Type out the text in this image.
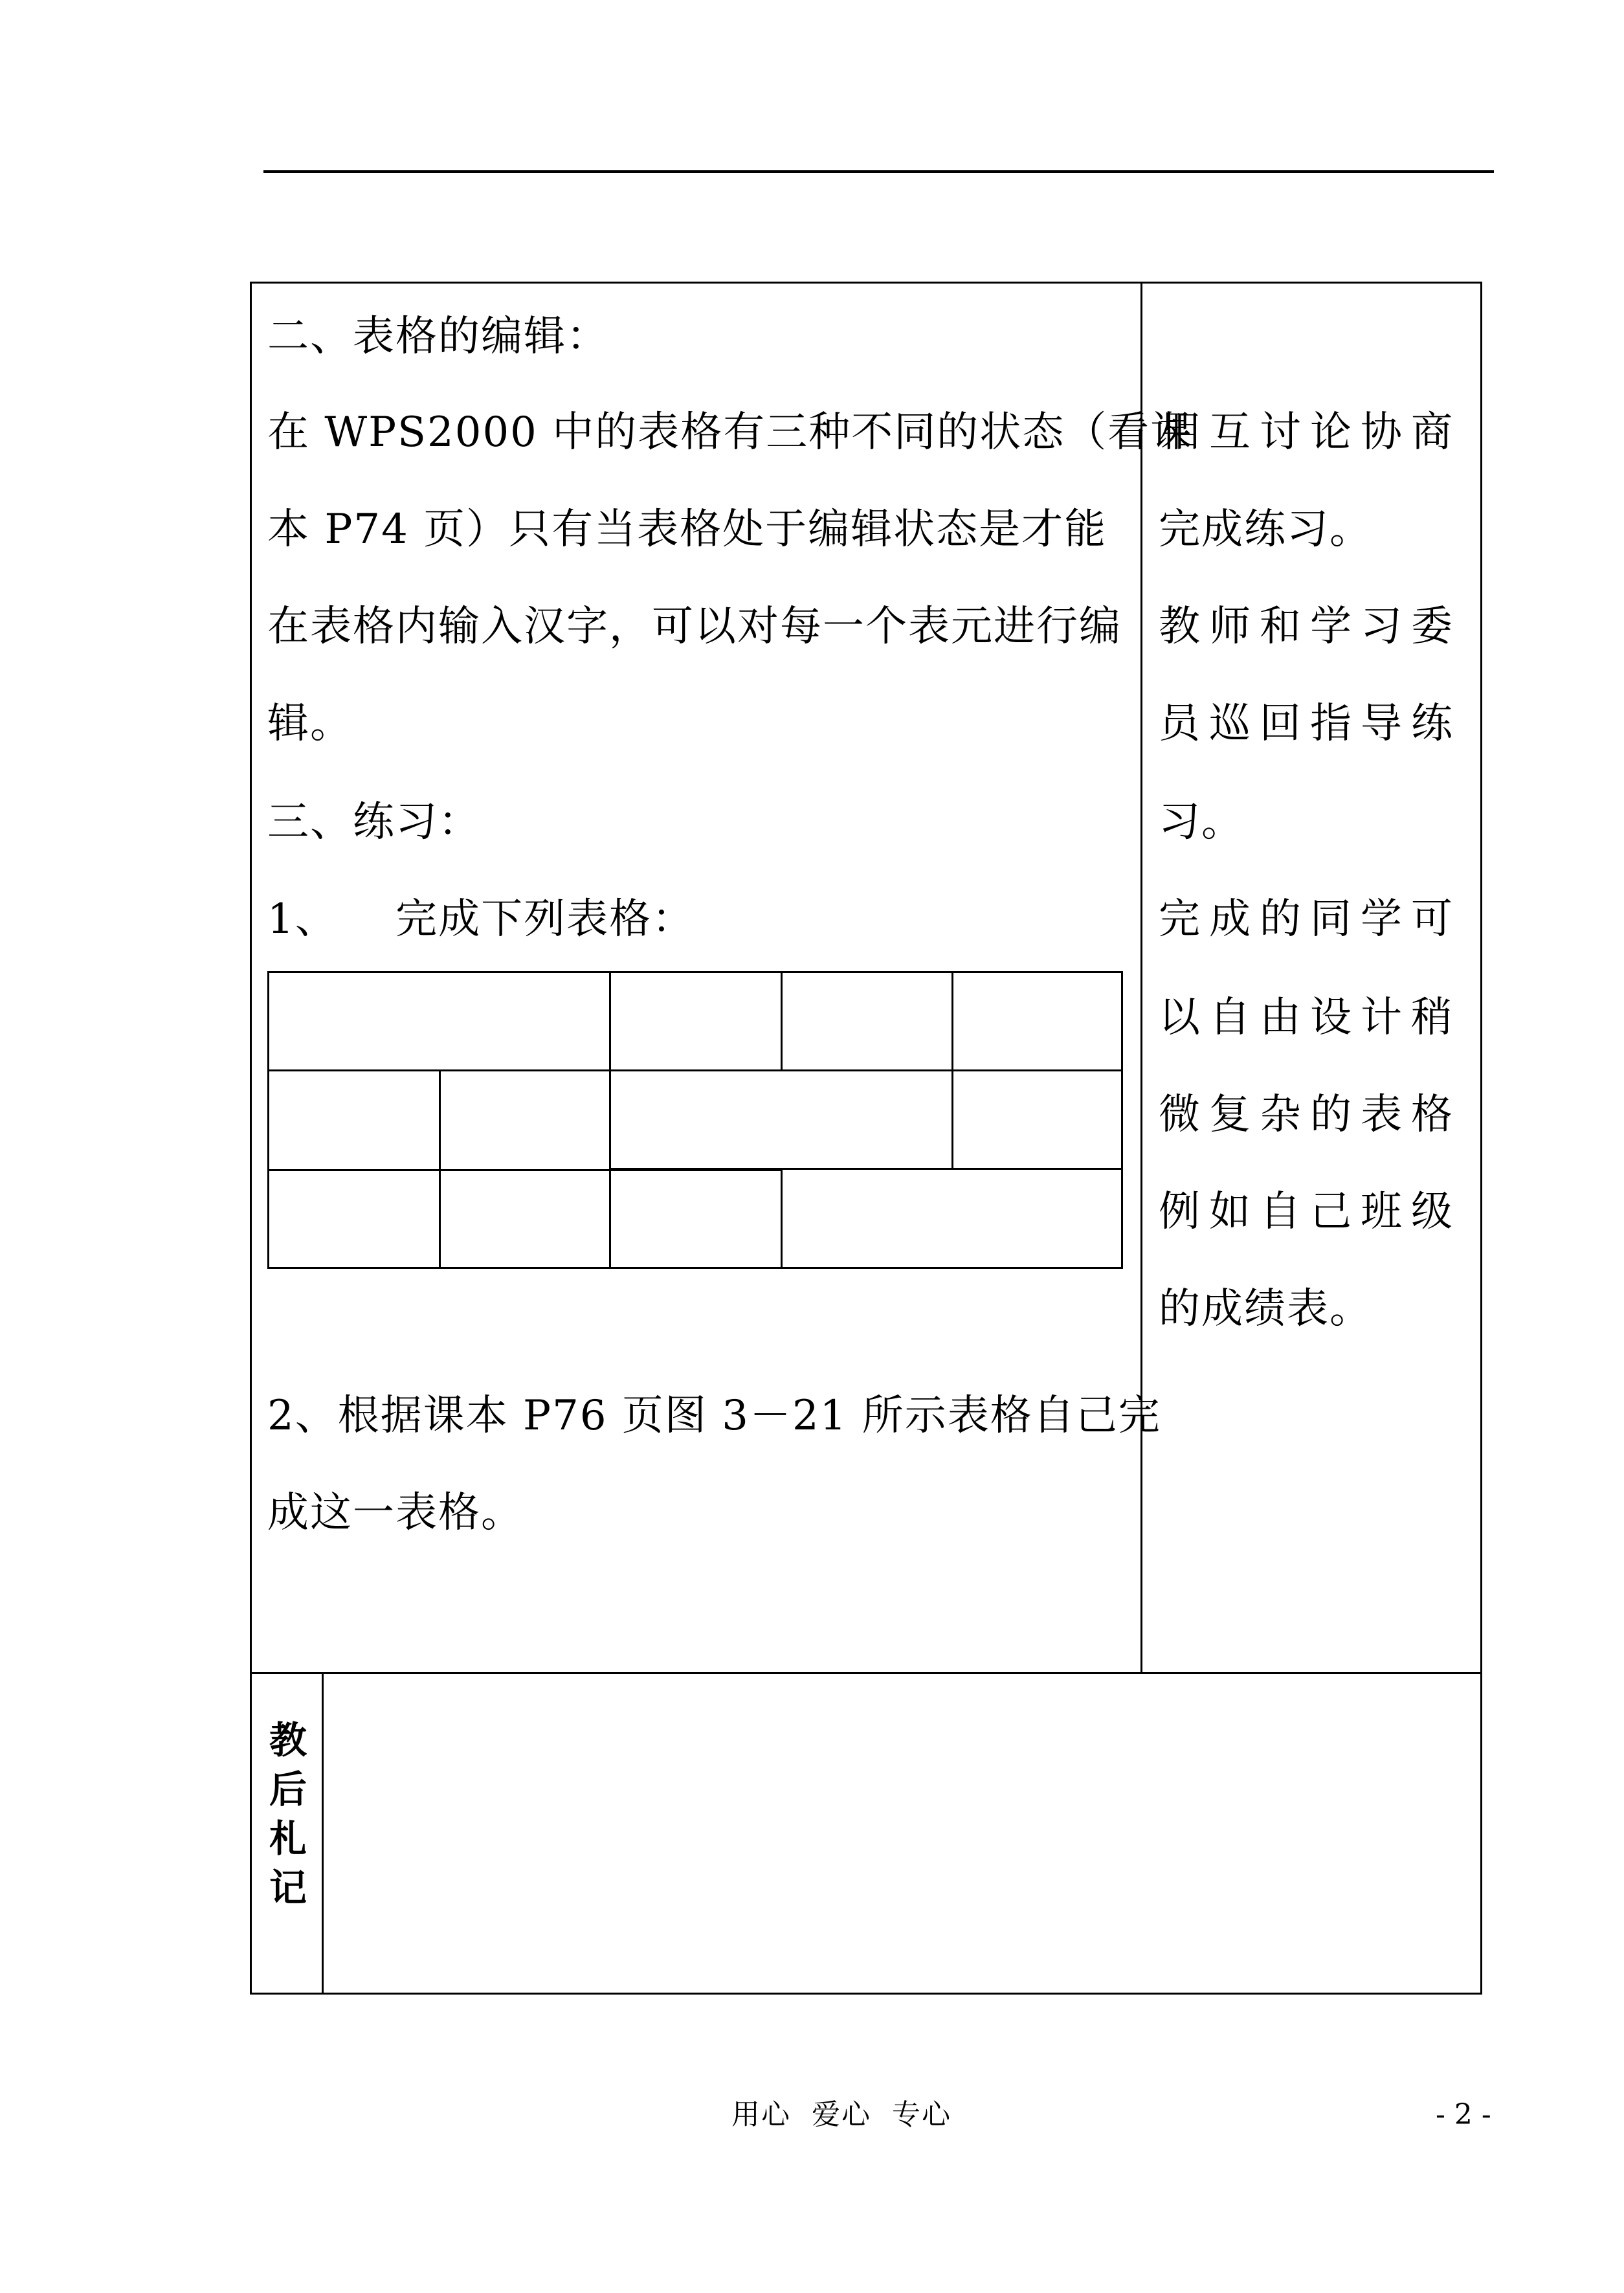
二、表格的编辑：
在 WPS2000 中的表格有三种不同的状态（看课
本 P74 页）只有当表格处于编辑状态是才能
在表格内输入汉字，可以对每一个表元进行编
辑。
三、练习：
1、    完成下列表格：
2、根据课本 P76 页图 3－21 所示表格自己完
成这一表格。
相互讨论协商
完成练习。
教师和学习委
员巡回指导练
习。
完成的同学可
以自由设计稍
微复杂的表格
例如自己班级
的成绩表。
教
后
札
记
用心  爱心  专心	- 2 -
